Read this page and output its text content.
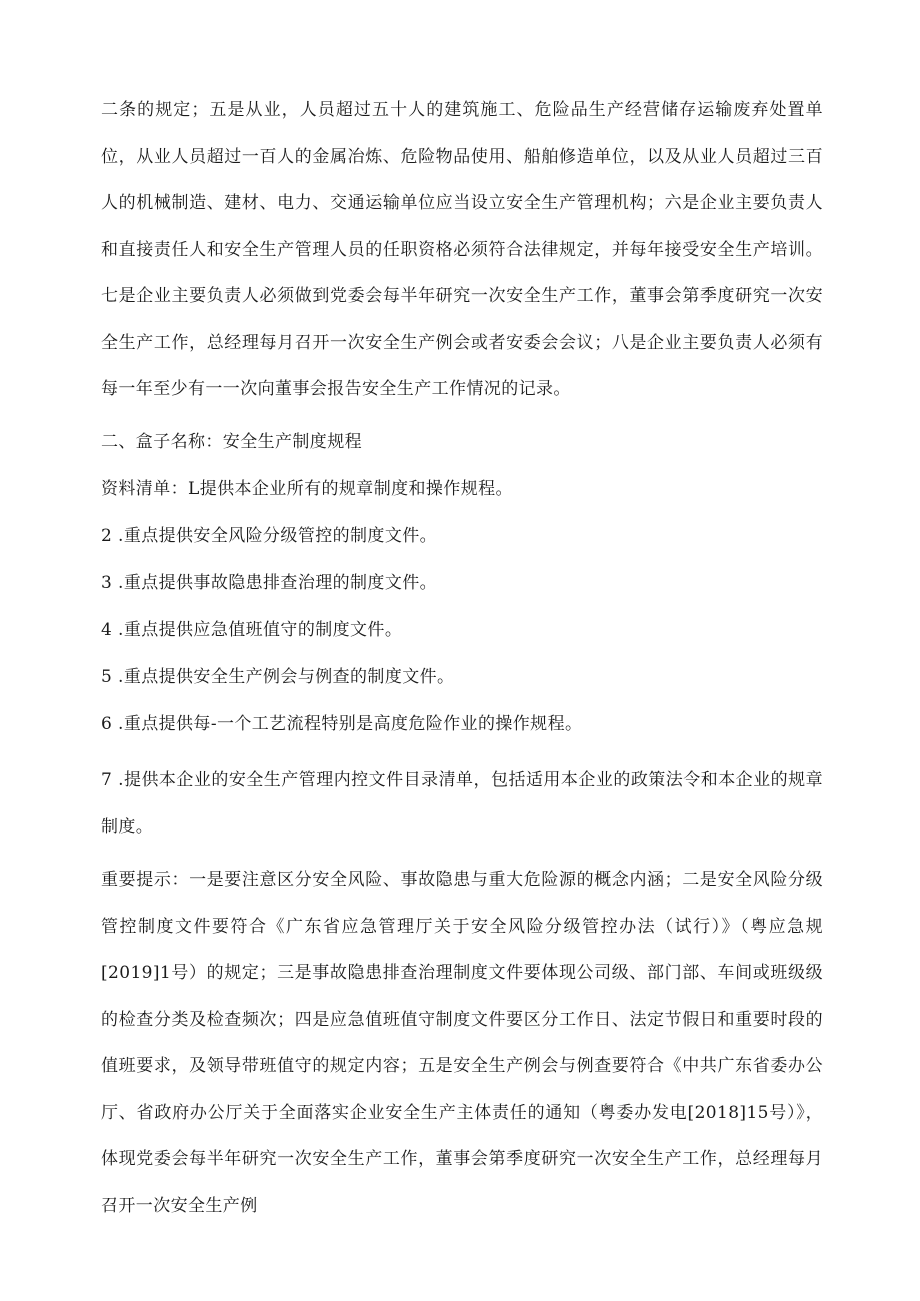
二条的规定；五是从业，人员超过五十人的建筑施工、危险品生产经营储存运输废弃处置单位，从业人员超过一百人的金属冶炼、危险物品使用、船舶修造单位，以及从业人员超过三百人的机械制造、建材、电力、交通运输单位应当设立安全生产管理机构；六是企业主要负责人和直接责任人和安全生产管理人员的任职资格必须符合法律规定，并每年接受安全生产培训。七是企业主要负责人必须做到党委会每半年研究一次安全生产工作，董事会第季度研究一次安全生产工作，总经理每月召开一次安全生产例会或者安委会会议；八是企业主要负责人必须有每一年至少有一一次向董事会报告安全生产工作情况的记录。

二、盒子名称：安全生产制度规程

资料清单：L提供本企业所有的规章制度和操作规程。

2 .重点提供安全风险分级管控的制度文件。

3 .重点提供事故隐患排查治理的制度文件。

4 .重点提供应急值班值守的制度文件。

5 .重点提供安全生产例会与例查的制度文件。

6 .重点提供每-一个工艺流程特别是高度危险作业的操作规程。

7 .提供本企业的安全生产管理内控文件目录清单，包括适用本企业的政策法令和本企业的规章制度。

重要提示：一是要注意区分安全风险、事故隐患与重大危险源的概念内涵；二是安全风险分级管控制度文件要符合《广东省应急管理厅关于安全风险分级管控办法（试行）》（粤应急规[2019]1号）的规定；三是事故隐患排查治理制度文件要体现公司级、部门部、车间或班级级的检查分类及检查频次；四是应急值班值守制度文件要区分工作日、法定节假日和重要时段的值班要求，及领导带班值守的规定内容；五是安全生产例会与例查要符合《中共广东省委办公厅、省政府办公厅关于全面落实企业安全生产主体责任的通知（粤委办发电[2018]15号）》，体现党委会每半年研究一次安全生产工作，董事会第季度研究一次安全生产工作，总经理每月召开一次安全生产例
